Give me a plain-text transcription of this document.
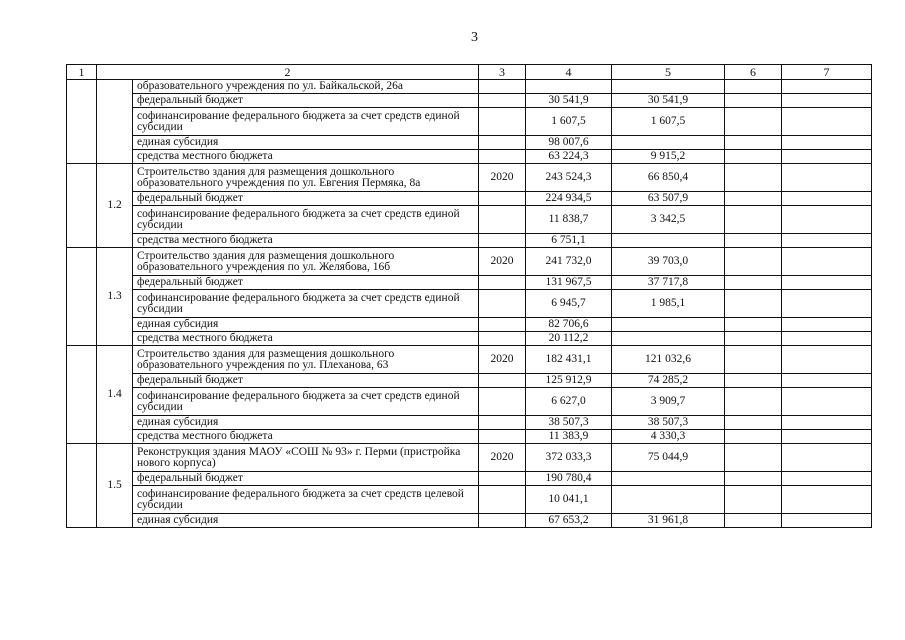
3
1	2		3	4	5	6	7
		образовательного учреждения по ул. Байкальской, 26а					
		федеральный бюджет		30 541,9	30 541,9		
		софинансирование федерального бюджета за счет средств единой субсидии		1 607,5	1 607,5		
		единая субсидия		98 007,6			
		средства местного бюджета		63 224,3	9 915,2		
	1.2	Строительство здания для размещения дошкольного образовательного учреждения по ул. Евгения Пермяка, 8а	2020	243 524,3	66 850,4		
		федеральный бюджет		224 934,5	63 507,9		
		софинансирование федерального бюджета за счет средств единой субсидии		11 838,7	3 342,5		
		средства местного бюджета		6 751,1			
	1.3	Строительство здания для размещения дошкольного образовательного учреждения по ул. Желябова, 16б	2020	241 732,0	39 703,0		
		федеральный бюджет		131 967,5	37 717,8		
		софинансирование федерального бюджета за счет средств единой субсидии		6 945,7	1 985,1		
		единая субсидия		82 706,6			
		средства местного бюджета		20 112,2			
	1.4	Строительство здания для размещения дошкольного образовательного учреждения по ул. Плеханова, 63	2020	182 431,1	121 032,6		
		федеральный бюджет		125 912,9	74 285,2		
		софинансирование федерального бюджета за счет средств единой субсидии		6 627,0	3 909,7		
		единая субсидия		38 507,3	38 507,3		
		средства местного бюджета		11 383,9	4 330,3		
	1.5	Реконструкция здания МАОУ «СОШ № 93» г. Перми (пристройка нового корпуса)	2020	372 033,3	75 044,9		
		федеральный бюджет		190 780,4			
		софинансирование федерального бюджета за счет средств целевой субсидии		10 041,1			
		единая субсидия		67 653,2	31 961,8		
